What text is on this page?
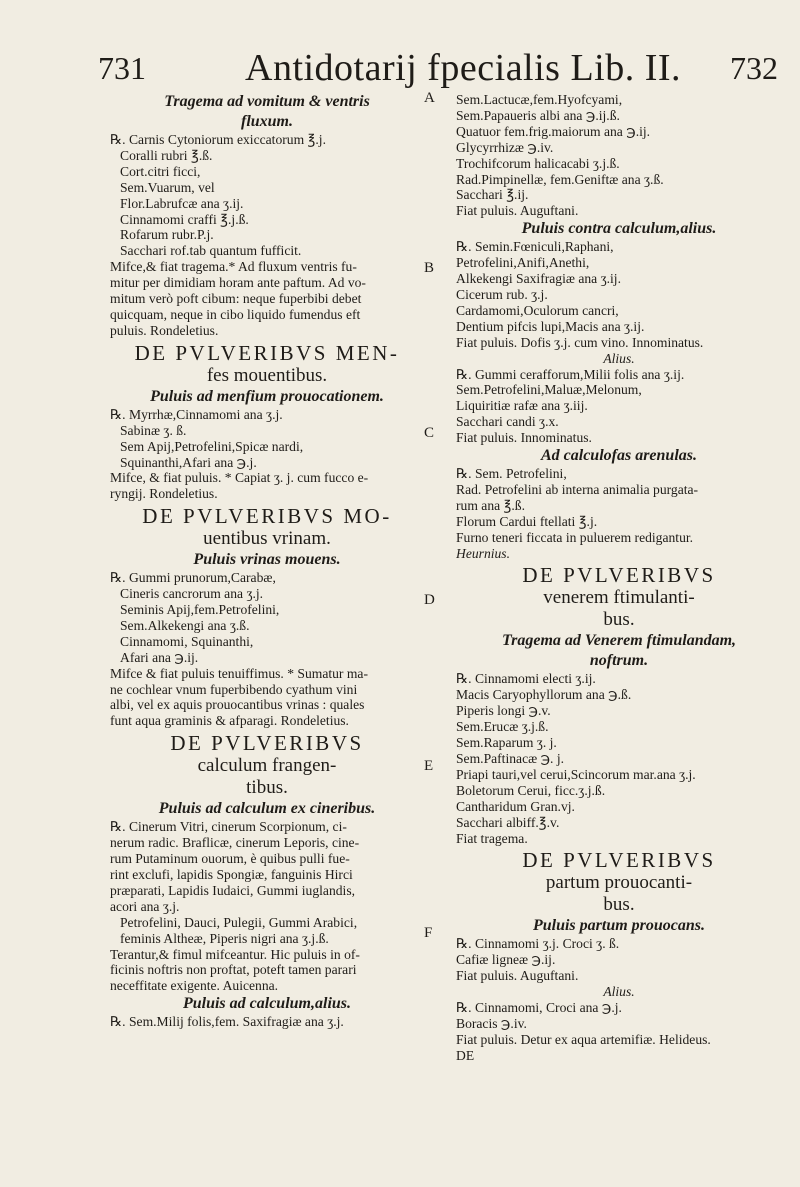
731	Antidotarij fpecialis Lib. II. 732
A
B
C
D
E
F
Tragema ad vomitum & ventris
fluxum.
℞. Carnis Cytoniorum exiccatorum ℥.j.
Coralli rubri ℥.ß.
Cort.citri ficci,
Sem.Vuarum, vel
Flor.Labrufcæ ana ʒ.ij.
Cinnamomi craffi ℥.j.ß.
Rofarum rubr.P.j.
Sacchari rof.tab quantum fufficit.
Mifce,& fiat tragema.* Ad fluxum ventris fu-
mitur per dimidiam horam ante paftum. Ad vo-
mitum verò poft cibum: neque fuperbibi debet
quicquam, neque in cibo liquido fumendus eft
puluis. Rondeletius.
DE PVLVERIBVS MEN-
fes mouentibus.
Puluis ad menfium prouocationem.
℞. Myrrhæ,Cinnamomi ana ʒ.j.
Sabinæ ʒ. ß.
Sem Apij,Petrofelini,Spicæ nardi,
Squinanthi,Afari ana ℈.j.
Mifce, & fiat puluis. * Capiat ʒ. j. cum fucco e-
ryngij. Rondeletius.
DE PVLVERIBVS MO-
uentibus vrinam.
Puluis vrinas mouens.
℞. Gummi prunorum,Carabæ,
Cineris cancrorum ana ʒ.j.
Seminis Apij,fem.Petrofelini,
Sem.Alkekengi ana ʒ.ß.
Cinnamomi, Squinanthi,
Afari ana ℈.ij.
Mifce & fiat puluis tenuiffimus. * Sumatur ma-
ne cochlear vnum fuperbibendo cyathum vini
albi, vel ex aquis prouocantibus vrinas : quales
funt aqua graminis & afparagi. Rondeletius.
DE PVLVERIBVS
calculum frangen-
tibus.
Puluis ad calculum ex cineribus.
℞. Cinerum Vitri, cinerum Scorpionum, ci-
nerum radic. Braflicæ, cinerum Leporis, cine-
rum Putaminum ouorum, è quibus pulli fue-
rint exclufi, lapidis Spongiæ, fanguinis Hirci
præparati, Lapidis Iudaici, Gummi iuglandis,
acori ana ʒ.j.
Petrofelini, Dauci, Pulegii, Gummi Arabici,
feminis Altheæ, Piperis nigri ana ʒ.j.ß.
Terantur,& fimul mifceantur. Hic puluis in of-
ficinis noftris non proftat, poteft tamen parari
neceffitate exigente. Auicenna.
Puluis ad calculum,alius.
℞. Sem.Milij folis,fem. Saxifragiæ ana ʒ.j.
Sem.Lactucæ,fem.Hyofcyami,
Sem.Papaueris albi ana ℈.ij.ß.
Quatuor fem.frig.maiorum ana ℈.ij.
Glycyrrhizæ ℈.iv.
Trochifcorum halicacabi ʒ.j.ß.
Rad.Pimpinellæ, fem.Geniftæ ana ʒ.ß.
Sacchari ℥.ij.
Fiat puluis. Auguftani.
Puluis contra calculum,alius.
℞. Semin.Fœniculi,Raphani,
Petrofelini,Anifi,Anethi,
Alkekengi Saxifragiæ ana ʒ.ij.
Cicerum rub. ʒ.j.
Cardamomi,Oculorum cancri,
Dentium pifcis lupi,Macis ana ʒ.ij.
Fiat puluis. Dofis ʒ.j. cum vino. Innominatus.
Alius.
℞. Gummi cerafforum,Milii folis ana ʒ.ij.
Sem.Petrofelini,Maluæ,Melonum,
Liquiritiæ rafæ ana ʒ.iij.
Sacchari candi ʒ.x.
Fiat puluis. Innominatus.
Ad calculofas arenulas.
℞. Sem. Petrofelini,
Rad. Petrofelini ab interna animalia purgata-
rum ana ℥.ß.
Florum Cardui ftellati ℥.j.
Furno teneri ficcata in puluerem redigantur.
Heurnius.
DE PVLVERIBVS
venerem ftimulanti-
bus.
Tragema ad Venerem ftimulandam,
noftrum.
℞. Cinnamomi electi ʒ.ij.
Macis Caryophyllorum ana ℈.ß.
Piperis longi ℈.v.
Sem.Erucæ ʒ.j.ß.
Sem.Raparum ʒ. j.
Sem.Paftinacæ ℈. j.
Priapi tauri,vel cerui,Scincorum mar.ana ʒ.j.
Boletorum Cerui, ficc.ʒ.j.ß.
Cantharidum Gran.vj.
Sacchari albiff.℥.v.
Fiat tragema.
DE PVLVERIBVS
partum prouocanti-
bus.
Puluis partum prouocans.
℞. Cinnamomi ʒ.j. Croci ʒ. ß.
Cafiæ ligneæ ℈.ij.
Fiat puluis. Auguftani.
Alius.
℞. Cinnamomi, Croci ana ℈.j.
Boracis ℈.iv.
Fiat puluis. Detur ex aqua artemifiæ. Helideus.
DE
